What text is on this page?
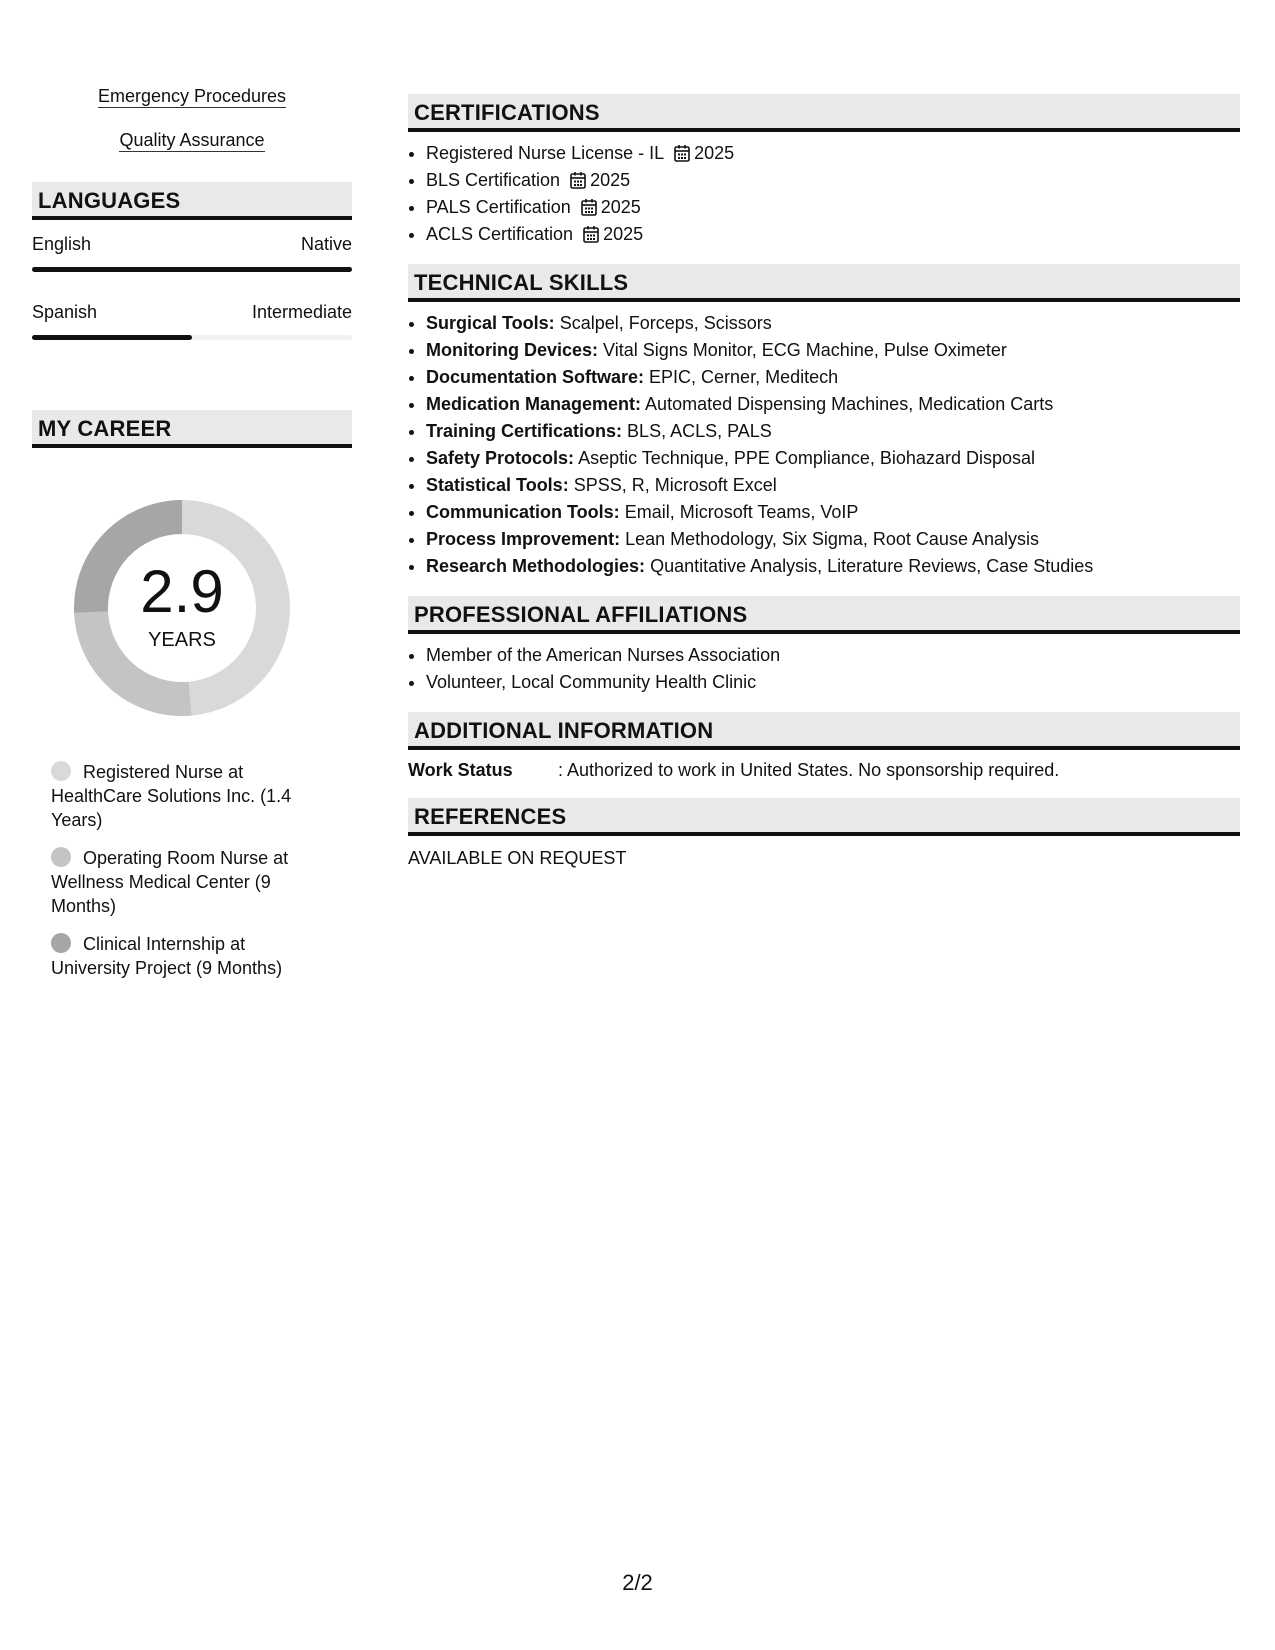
Emergency Procedures
Quality Assurance
LANGUAGES
English	Native
Spanish	Intermediate
MY CAREER
2.9
YEARS
Registered Nurse at HealthCare Solutions Inc. (1.4 Years)
Operating Room Nurse at Wellness Medical Center (9 Months)
Clinical Internship at University Project (9 Months)
CERTIFICATIONS
• Registered Nurse License - IL 2025
• BLS Certification 2025
• PALS Certification 2025
• ACLS Certification 2025
TECHNICAL SKILLS
• Surgical Tools: Scalpel, Forceps, Scissors
• Monitoring Devices: Vital Signs Monitor, ECG Machine, Pulse Oximeter
• Documentation Software: EPIC, Cerner, Meditech
• Medication Management: Automated Dispensing Machines, Medication Carts
• Training Certifications: BLS, ACLS, PALS
• Safety Protocols: Aseptic Technique, PPE Compliance, Biohazard Disposal
• Statistical Tools: SPSS, R, Microsoft Excel
• Communication Tools: Email, Microsoft Teams, VoIP
• Process Improvement: Lean Methodology, Six Sigma, Root Cause Analysis
• Research Methodologies: Quantitative Analysis, Literature Reviews, Case Studies
PROFESSIONAL AFFILIATIONS
• Member of the American Nurses Association
• Volunteer, Local Community Health Clinic
ADDITIONAL INFORMATION
Work Status	: Authorized to work in United States. No sponsorship required.
REFERENCES
AVAILABLE ON REQUEST
2/2
